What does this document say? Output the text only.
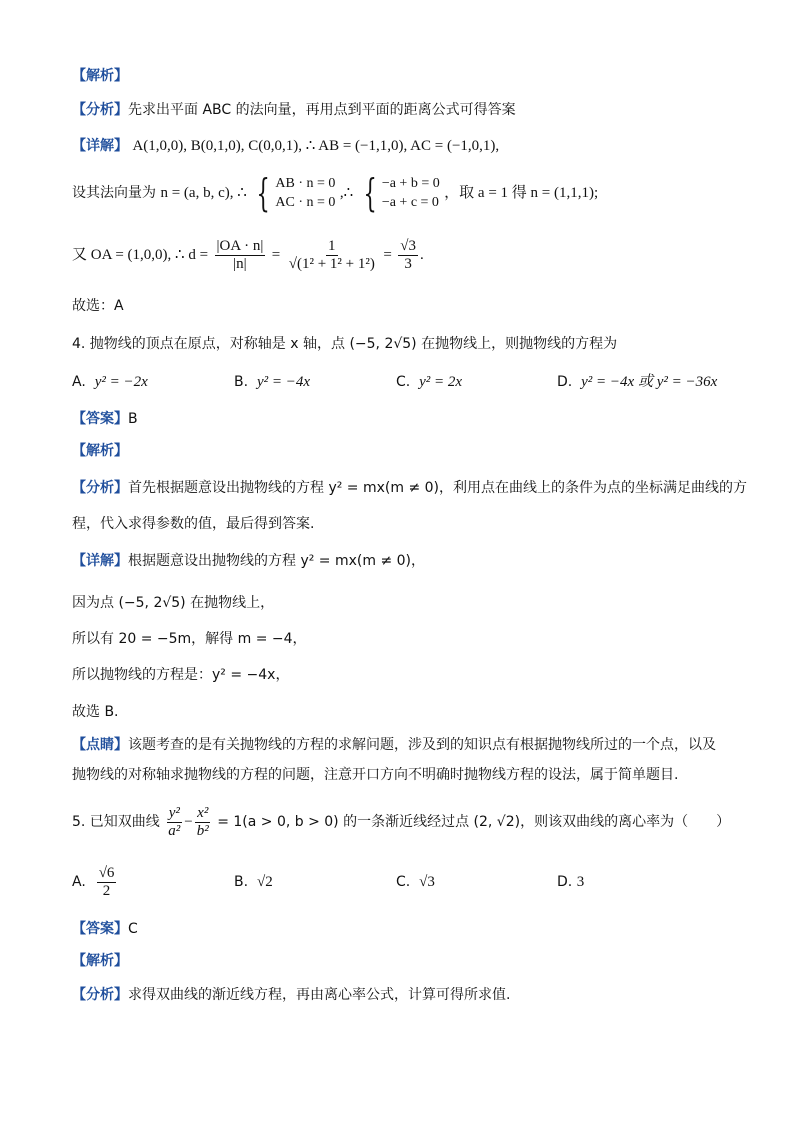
【解析】
【分析】先求出平面 ABC 的法向量，再用点到平面的距离公式可得答案
【详解】 A(1,0,0), B(0,1,0), C(0,0,1), ∴ AB = (−1,1,0), AC = (−1,0,1),
设其法向量为 n = (a, b, c), ∴ { AB · n = 0
AC · n = 0
,∴ { −a + b = 0
−a + c = 0
，取 a = 1 得 n = (1,1,1);
又 OA = (1,0,0), ∴ $d = \frac{|OA \cdot n|}{|n|} = \frac{1}{\text{√(1² + 1² + 1²)}} = \frac{√3}{3}$ .
故选：A
4. 抛物线的顶点在原点，对称轴是 x 轴，点 (−5, 2√5) 在抛物线上，则抛物线的方程为
A. y² = −2x	B. y² = −4x	C. y² = 2x	D. y² = −4x 或 y² = −36x
【答案】B
【解析】
【分析】首先根据题意设出抛物线的方程 y² = mx(m ≠ 0)，利用点在曲线上的条件为点的坐标满足曲线的方
程，代入求得参数的值，最后得到答案.
【详解】根据题意设出抛物线的方程 y² = mx(m ≠ 0)，
因为点 (−5, 2√5) 在抛物线上，
所以有 20 = −5m，解得 m = −4，
所以抛物线的方程是：y² = −4x，
故选 B.
【点睛】该题考查的是有关抛物线的方程的求解问题，涉及到的知识点有根据抛物线所过的一个点，以及
抛物线的对称轴求抛物线的方程的问题，注意开口方向不明确时抛物线方程的设法，属于简单题目.
5. 已知双曲线 $\frac{\text{y²}}{\text{a²}} - \frac{\text{x²}}{\text{b²}} = 1(a > 0$, b > 0) 的一条渐近线经过点 (2, √2)，则该双曲线的离心率为（　　）
A. $\frac{√6}{2}$	B. √2	C. √3	D. 3
【答案】C
【解析】
【分析】求得双曲线的渐近线方程，再由离心率公式，计算可得所求值.
